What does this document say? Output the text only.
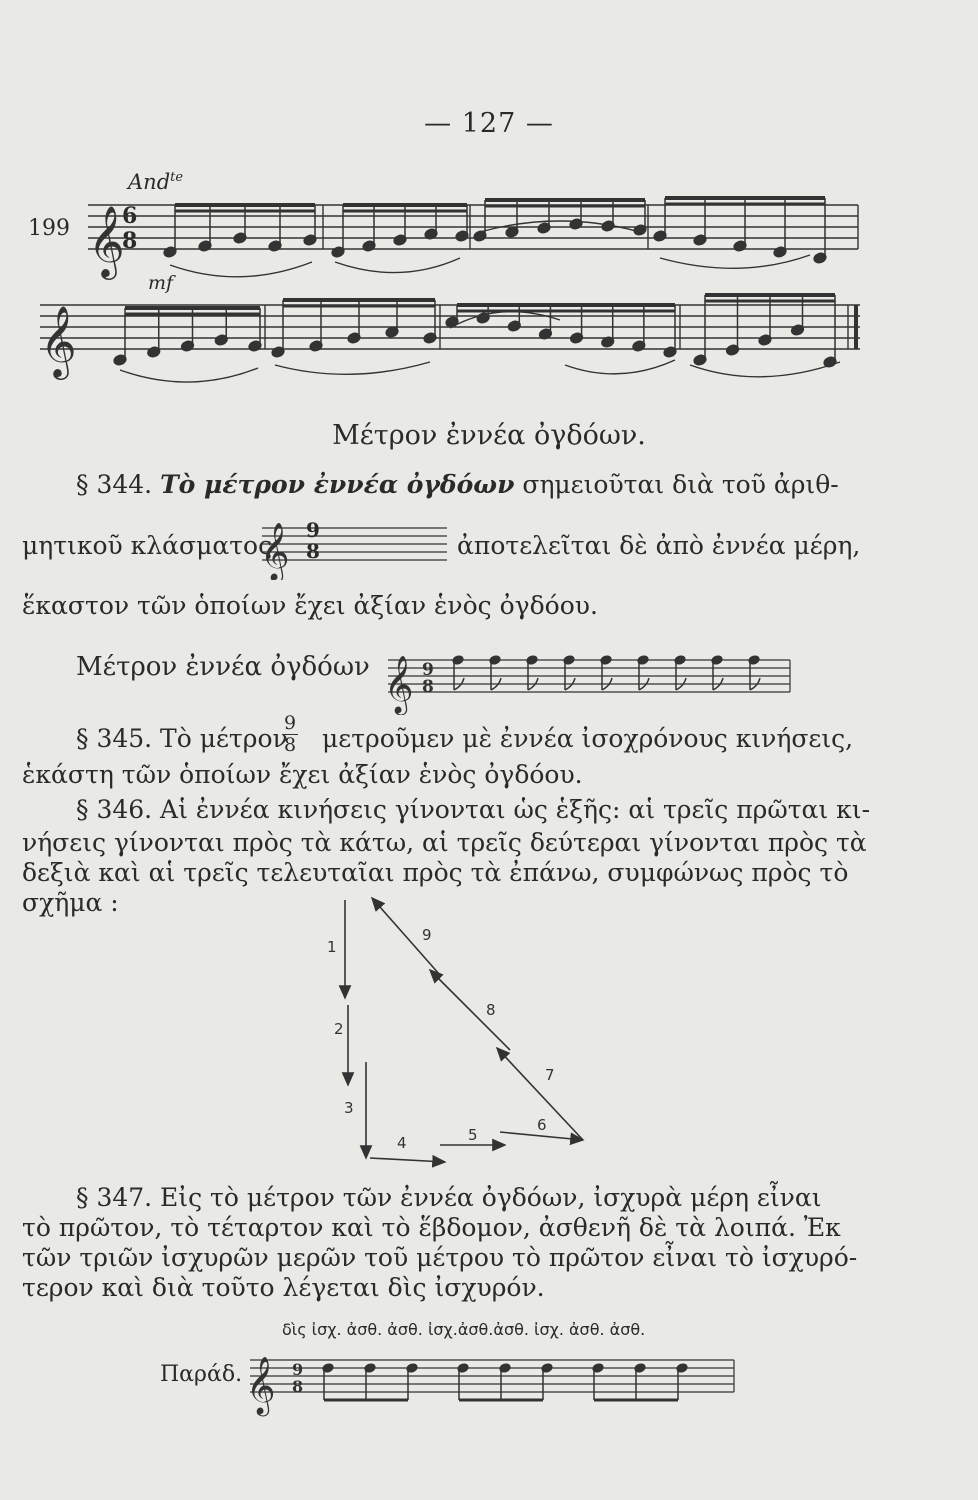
— 127 —
199
And$^{te}$
mf
6
8
𝄞
𝄞
Μέτρον ἐννέα ὀγδόων.
§ 344. Τὸ μέτρον ἐννέα ὀγδόων σημειοῦται διὰ τοῦ ἀριθ-
μητικοῦ κλάσματος
𝄞 9
8	ἀποτελεῖται δὲ ἀπὸ ἐννέα μέρη,
ἕκαστον τῶν ὁποίων ἔχει ἀξίαν ἑνὸς ὀγδόου.
Μέτρον ἐννέα ὀγδόων 𝄞 9
8
§ 345. Τὸ μέτρον
9
8 μετροῦμεν μὲ ἐννέα ἰσοχρόνους κινήσεις,
ἑκάστη τῶν ὁποίων ἔχει ἀξίαν ἑνὸς ὀγδόου.
§ 346. Αἱ ἐννέα κινήσεις γίνονται ὡς ἑξῆς: αἱ τρεῖς πρῶται κι-
νήσεις γίνονται πρὸς τὰ κάτω, αἱ τρεῖς δεύτεραι γίνονται πρὸς τὰ
δεξιὰ καὶ αἱ τρεῖς τελευταῖαι πρὸς τὰ ἐπάνω, συμφώνως πρὸς τὸ
σχῆμα :
1
2
3
4	5
6
7
8
9
§ 347. Εἰς τὸ μέτρον τῶν ἐννέα ὀγδόων, ἰσχυρὰ μέρη εἶναι
τὸ πρῶτον, τὸ τέταρτον καὶ τὸ ἕβδομον, ἀσθενῆ δὲ τὰ λοιπά. Ἐκ
τῶν τριῶν ἰσχυρῶν μερῶν τοῦ μέτρου τὸ πρῶτον εἶναι τὸ ἰσχυρό-
τερον καὶ διὰ τοῦτο λέγεται δὶς ἰσχυρόν.
δὶς ἰσχ. ἀσθ. ἀσθ. ἰσχ.ἀσθ.ἀσθ. ἰσχ. ἀσθ. ἀσθ.
Παράδ. 𝄞 9
8
